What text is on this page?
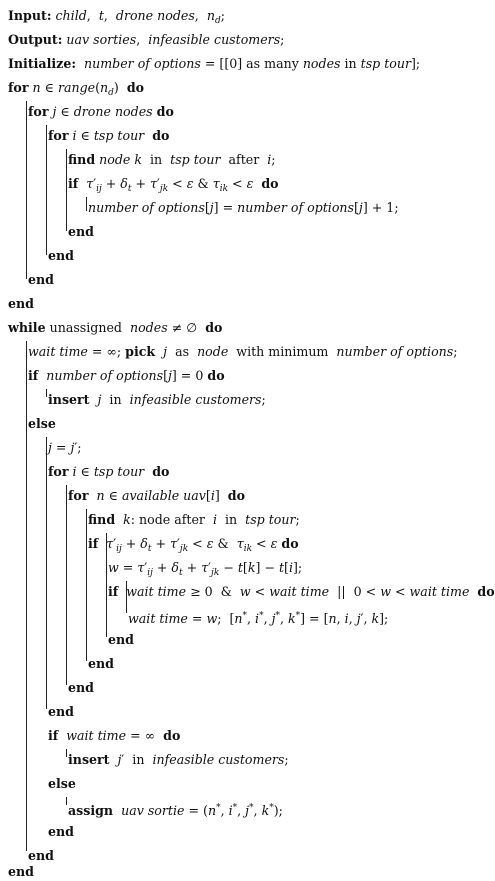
Input: child,  t,  drone nodes,  $n_d$;
Output: uav sorties,  infeasible customers;
Initialize: number of options = [[0] as many nodes in tsp tour];
for n ∈ $range(n_d)$  do
for j ∈ drone nodes do
for i ∈ tsp tour do
find node k  in  tsp tour  after  i;
if $\tau'_{ij} + \delta_t + \tau'_{jk} < \varepsilon$ & $\tau_{ik} < \varepsilon$ do
number of options[j] = number of options[j] + 1;
end
end
end
end
while unassigned  nodes ≠ ∅  do
wait time = ∞; pick j  as  node  with minimum  number of options;
if number of options[j] = 0 do
insert j  in  infeasible customers;
else
j = j′;
for i ∈ tsp tour do
for n ∈ available uav[i]  do
find k: node after  i  in  tsp tour;
if $\tau'_{ij} + \delta_t + \tau'_{jk} < \varepsilon$ &  $\tau_{ik} < \varepsilon$ do
$w = \tau'_{ij} + \delta_t + \tau'_{jk} - t[k] - t[i]$;
if wait time ≥ 0  &  w < wait time  ||  0 < w < wait time do
wait time = w;  [n*, i*, j*, k*] = [n, i, j′, k];
end
end
end
end
if wait time = ∞  do
insert j′  in  infeasible customers;
else
assign uav sortie = (n*, i*, j*, k*);
end
end
end
